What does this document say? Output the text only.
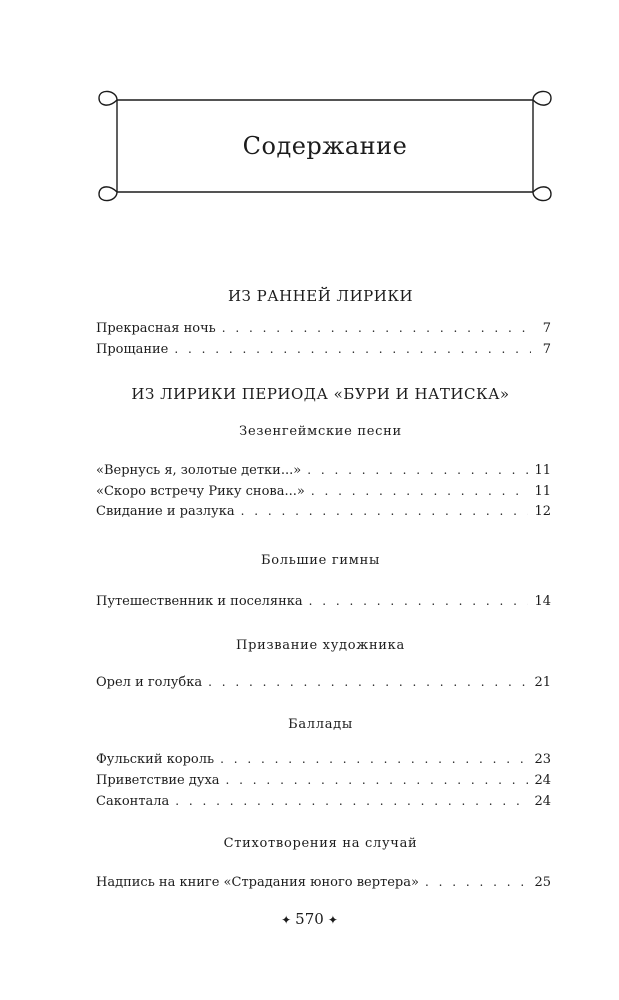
Содержание
ИЗ РАННЕЙ ЛИРИКИ
Прекрасная ночь . . .	7
Прощание . . .	7
ИЗ ЛИРИКИ ПЕРИОДА «БУРИ И НАТИСКА»
Зезенгеймские песни
«Вернусь я, золотые детки...» . . .	11
«Скоро встречу Рику снова...» . . .	11
Свидание и разлука . . .	12
Большие гимны
Путешественник и поселянка . . .	14
Призвание художника
Орел и голубка . . .	21
Баллады
Фульский король . . .	23
Приветствие духа . . .	24
Саконтала . . .	24
Стихотворения на случай
Надпись на книге «Страдания юного вертера» . . .	25
✦ 570 ✦
